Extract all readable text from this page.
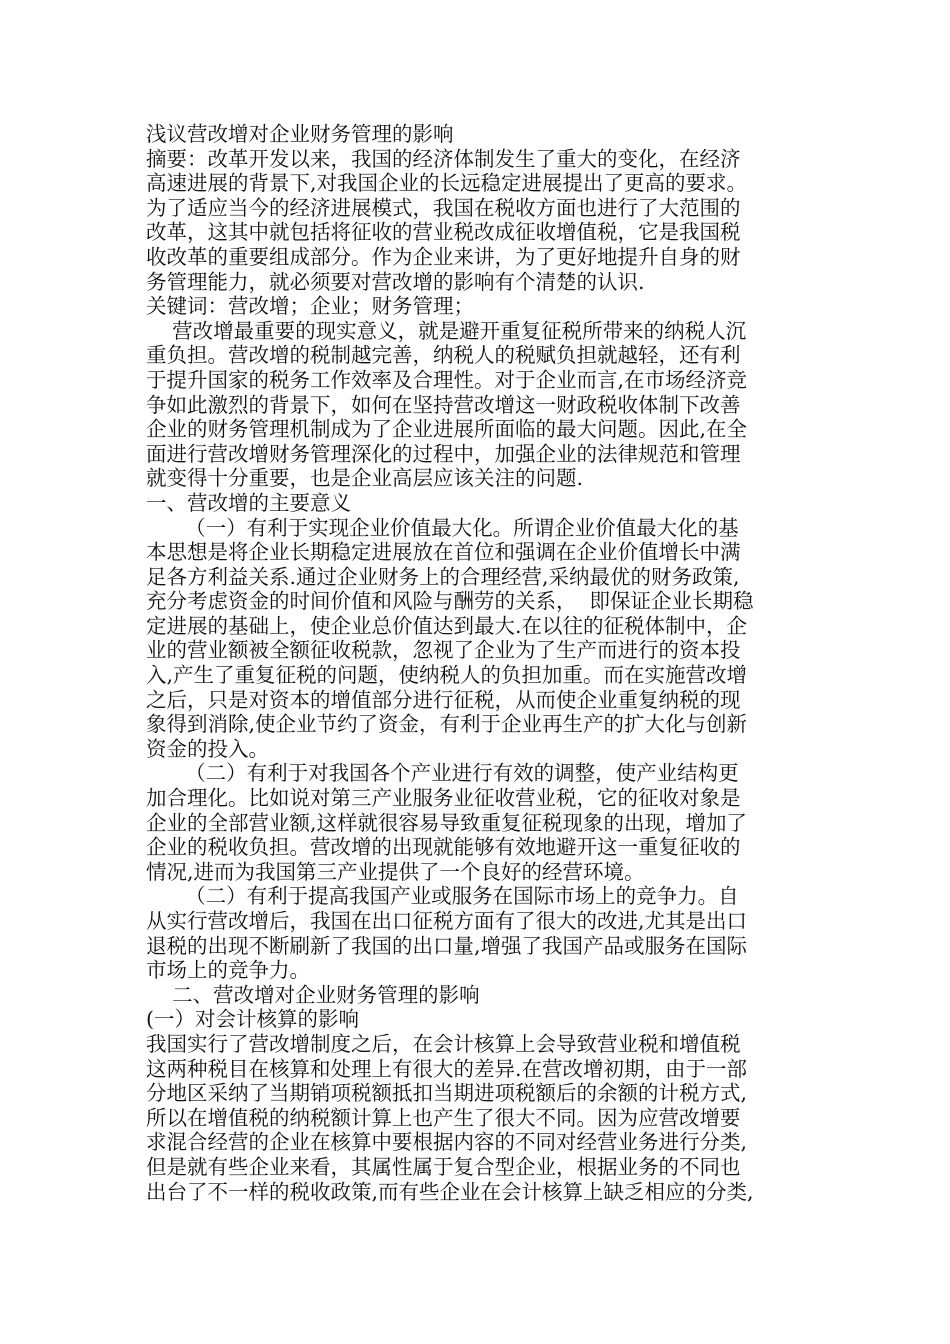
浅议营改增对企业财务管理的影响
摘要：改革开发以来，我国的经济体制发生了重大的变化，在经济
高速进展的背景下,对我国企业的长远稳定进展提出了更高的要求。
为了适应当今的经济进展模式，我国在税收方面也进行了大范围的
改革，这其中就包括将征收的营业税改成征收增值税，它是我国税
收改革的重要组成部分。作为企业来讲，为了更好地提升自身的财
务管理能力，就必须要对营改增的影响有个清楚的认识.
关键词：营改增；企业；财务管理；
营改增最重要的现实意义，就是避开重复征税所带来的纳税人沉
重负担。营改增的税制越完善，纳税人的税赋负担就越轻，还有利
于提升国家的税务工作效率及合理性。对于企业而言,在市场经济竞
争如此激烈的背景下，如何在坚持营改增这一财政税收体制下改善
企业的财务管理机制成为了企业进展所面临的最大问题。因此,在全
面进行营改增财务管理深化的过程中，加强企业的法律规范和管理
就变得十分重要，也是企业高层应该关注的问题.
一、营改增的主要意义
（一）有利于实现企业价值最大化。所谓企业价值最大化的基
本思想是将企业长期稳定进展放在首位和强调在企业价值增长中满
足各方利益关系.通过企业财务上的合理经营,采纳最优的财务政策,
充分考虑资金的时间价值和风险与酬劳的关系，  即保证企业长期稳
定进展的基础上，使企业总价值达到最大.在以往的征税体制中，企
业的营业额被全额征收税款，忽视了企业为了生产而进行的资本投
入,产生了重复征税的问题，使纳税人的负担加重。而在实施营改增
之后，只是对资本的增值部分进行征税，从而使企业重复纳税的现
象得到消除,使企业节约了资金，有利于企业再生产的扩大化与创新
资金的投入。
（二）有利于对我国各个产业进行有效的调整，使产业结构更
加合理化。比如说对第三产业服务业征收营业税，它的征收对象是
企业的全部营业额,这样就很容易导致重复征税现象的出现，增加了
企业的税收负担。营改增的出现就能够有效地避开这一重复征收的
情况,进而为我国第三产业提供了一个良好的经营环境。
（二）有利于提高我国产业或服务在国际市场上的竞争力。自
从实行营改增后，我国在出口征税方面有了很大的改进,尤其是出口
退税的出现不断刷新了我国的出口量,增强了我国产品或服务在国际
市场上的竞争力。
二、营改增对企业财务管理的影响
(一）对会计核算的影响
我国实行了营改增制度之后，在会计核算上会导致营业税和增值税
这两种税目在核算和处理上有很大的差异.在营改增初期，由于一部
分地区采纳了当期销项税额抵扣当期进项税额后的余额的计税方式,
所以在增值税的纳税额计算上也产生了很大不同。因为应营改增要
求混合经营的企业在核算中要根据内容的不同对经营业务进行分类,
但是就有些企业来看，其属性属于复合型企业，根据业务的不同也
出台了不一样的税收政策,而有些企业在会计核算上缺乏相应的分类,
